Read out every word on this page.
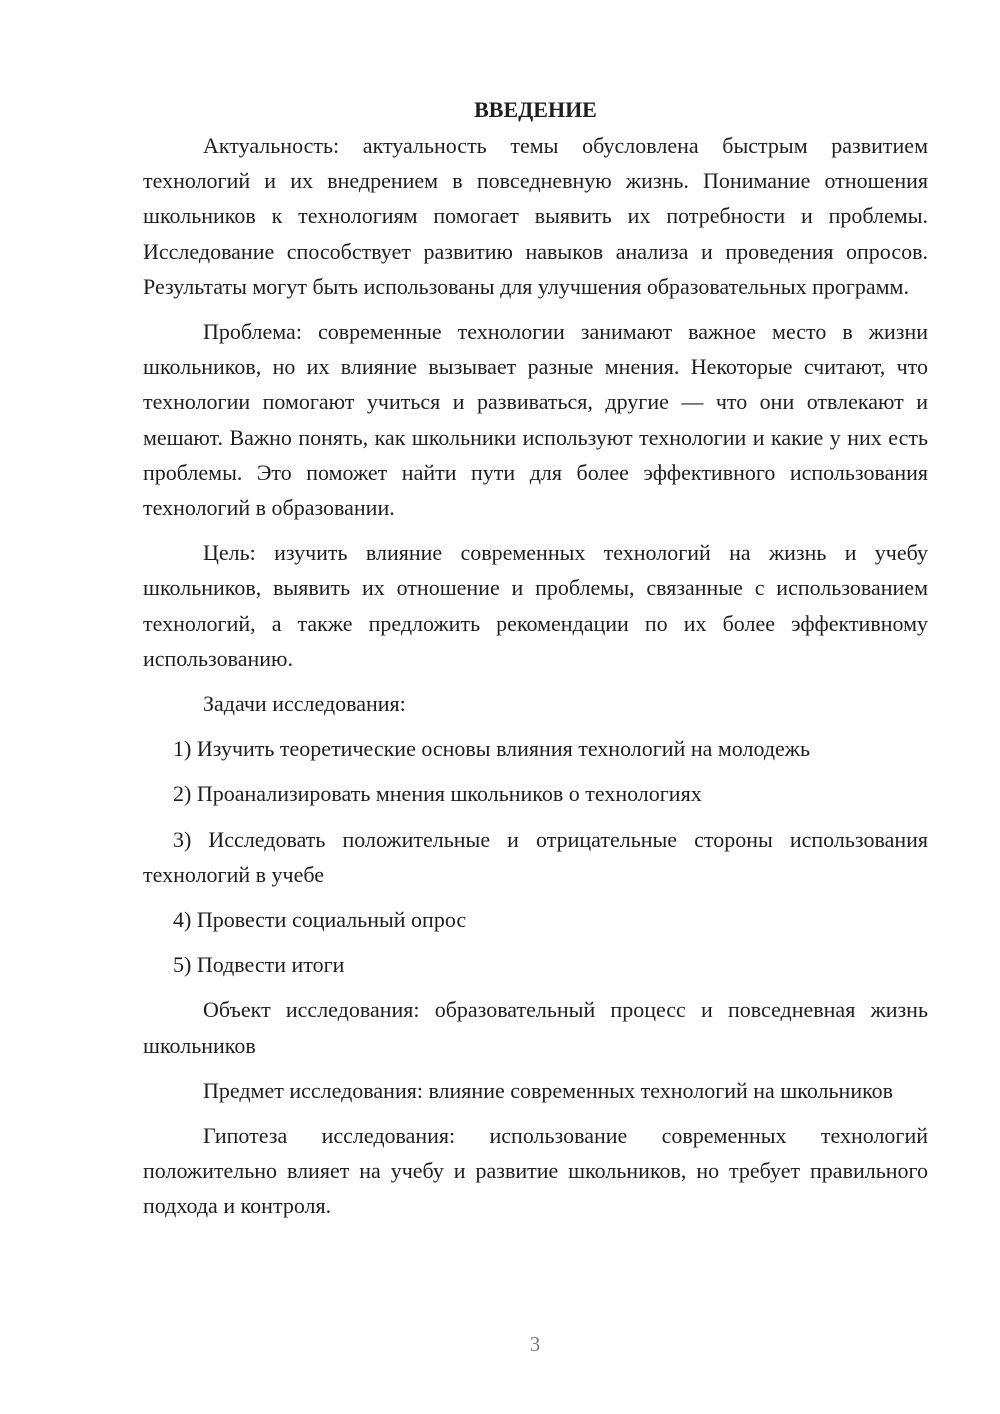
ВВЕДЕНИЕ

Актуальность: актуальность темы обусловлена быстрым развитием технологий и их внедрением в повседневную жизнь. Понимание отношения школьников к технологиям помогает выявить их потребности и проблемы. Исследование способствует развитию навыков анализа и проведения опросов. Результаты могут быть использованы для улучшения образовательных программ.

Проблема: современные технологии занимают важное место в жизни школьников, но их влияние вызывает разные мнения. Некоторые считают, что технологии помогают учиться и развиваться, другие — что они отвлекают и мешают. Важно понять, как школьники используют технологии и какие у них есть проблемы. Это поможет найти пути для более эффективного использования технологий в образовании.

Цель: изучить влияние современных технологий на жизнь и учебу школьников, выявить их отношение и проблемы, связанные с использованием технологий, а также предложить рекомендации по их более эффективному использованию.

Задачи исследования:

1) Изучить теоретические основы влияния технологий на молодежь

2) Проанализировать мнения школьников о технологиях

3) Исследовать положительные и отрицательные стороны использования технологий в учебе

4) Провести социальный опрос

5) Подвести итоги

Объект исследования: образовательный процесс и повседневная жизнь школьников

Предмет исследования: влияние современных технологий на школьников

Гипотеза исследования: использование современных технологий положительно влияет на учебу и развитие школьников, но требует правильного подхода и контроля.

3
